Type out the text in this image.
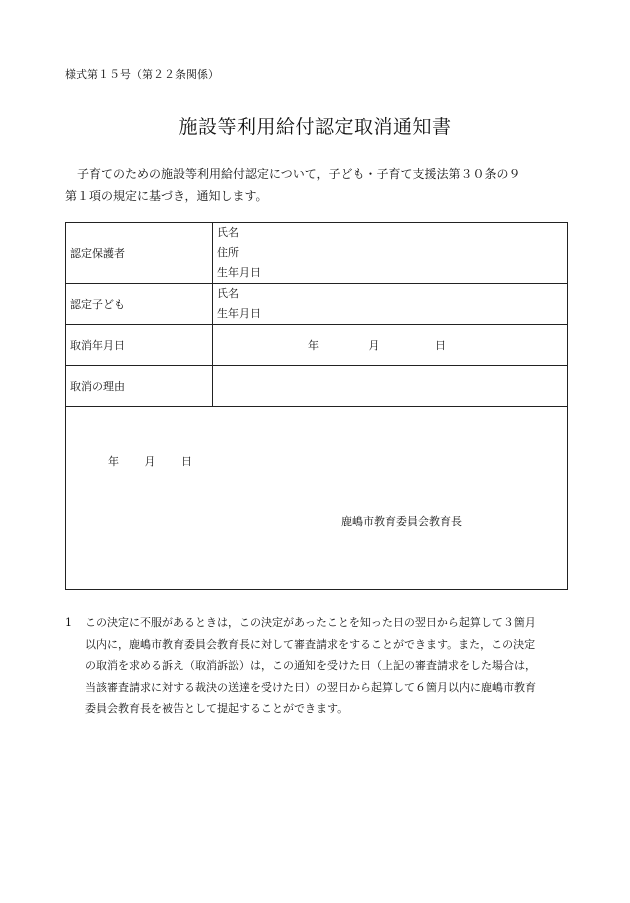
様式第１５号（第２２条関係）
施設等利用給付認定取消通知書
子育てのための施設等利用給付認定について，子ども・子育て支援法第３０条の９
第１項の規定に基づき，通知します。
認定保護者	氏名
住所
生年月日

認定子ども	氏名
生年月日

取消年月日	年 月 日
取消の理由	

年 月 日
鹿嶋市教育委員会教育長	
1 この決定に不服があるときは，この決定があったことを知った日の翌日から起算して３箇月
以内に，鹿嶋市教育委員会教育長に対して審査請求をすることができます。また，この決定
の取消を求める訴え（取消訴訟）は，この通知を受けた日（上記の審査請求をした場合は，
当該審査請求に対する裁決の送達を受けた日）の翌日から起算して６箇月以内に鹿嶋市教育
委員会教育長を被告として提起することができます。
